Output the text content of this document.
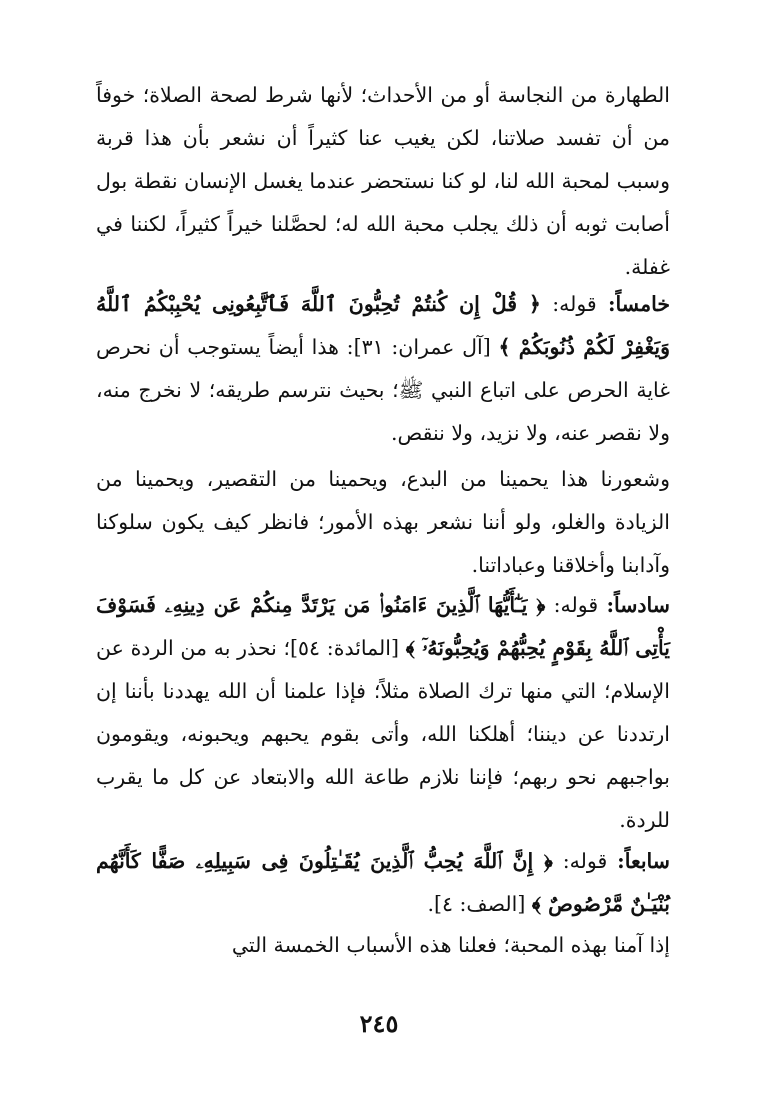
الطهارة من النجاسة أو من الأحداث؛ لأنها شرط لصحة الصلاة؛ خوفاً من أن تفسد صلاتنا، لكن يغيب عنا كثيراً أن نشعر بأن هذا قربة وسبب لمحبة الله لنا، لو كنا نستحضر عندما يغسل الإنسان نقطة بول أصابت ثوبه أن ذلك يجلب محبة الله له؛ لحصَّلنا خيراً كثيراً، لكننا في غفلة.

خامساً: قوله: ﴿ قُلْ إِن كُنتُمْ تُحِبُّونَ ٱللَّهَ فَٱتَّبِعُونِى يُحْبِبْكُمُ ٱللَّهُ وَيَغْفِرْ لَكُمْ ذُنُوبَكُمْ ﴾ [آل عمران: ٣١]: هذا أيضاً يستوجب أن نحرص غاية الحرص على اتباع النبي ﷺ؛ بحيث نترسم طريقه؛ لا نخرج منه، ولا نقصر عنه، ولا نزيد، ولا ننقص.

وشعورنا هذا يحمينا من البدع، ويحمينا من التقصير، ويحمينا من الزيادة والغلو، ولو أننا نشعر بهذه الأمور؛ فانظر كيف يكون سلوكنا وآدابنا وأخلاقنا وعباداتنا.

سادساً: قوله: ﴿ يَـٰٓأَيُّهَا ٱلَّذِينَ ءَامَنُوا۟ مَن يَرْتَدَّ مِنكُمْ عَن دِينِهِۦ فَسَوْفَ يَأْتِى ٱللَّهُ بِقَوْمٍ يُحِبُّهُمْ وَيُحِبُّونَهُۥٓ ﴾ [المائدة: ٥٤]؛ نحذر به من الردة عن الإسلام؛ التي منها ترك الصلاة مثلاً؛ فإذا علمنا أن الله يهددنا بأننا إن ارتددنا عن ديننا؛ أهلكنا الله، وأتى بقوم يحبهم ويحبونه، ويقومون بواجبهم نحو ربهم؛ فإننا نلازم طاعة الله والابتعاد عن كل ما يقرب للردة.

سابعاً: قوله: ﴿ إِنَّ ٱللَّهَ يُحِبُّ ٱلَّذِينَ يُقَـٰتِلُونَ فِى سَبِيلِهِۦ صَفًّا كَأَنَّهُم بُنْيَـٰنٌ مَّرْصُوصٌ ﴾ [الصف: ٤].

إذا آمنا بهذه المحبة؛ فعلنا هذه الأسباب الخمسة التي

٢٤٥
